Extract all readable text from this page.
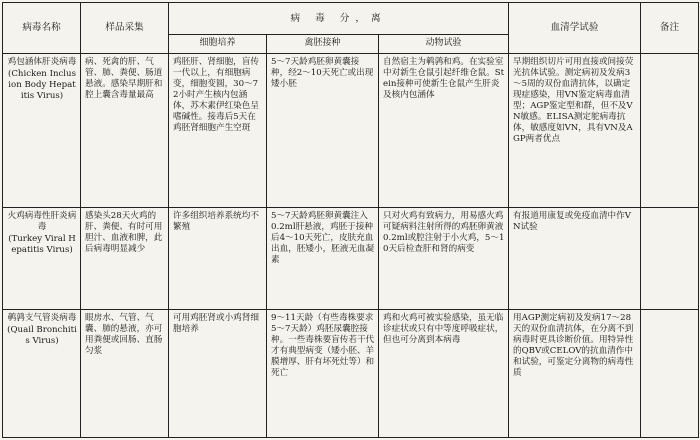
病毒名称	样品采集	病 毒 分，离			血清学试验	备注
		细胞培养	禽胚接种	动物试验		
鸡包涵体肝炎病毒
(Chicken Inclusion Body Hepatitis Virus)	病、死禽的肝、气管、肺、粪便、肠道悬液。感染早期肝和腔上囊含毒量最高	鸡胚肝、肾细胞，盲传一代以上，有细胞病变，细胞变圆，30～72小时产生核内包涵体，苏木素伊红染色呈嗜碱性。接毒后5天在鸡胚肾细胞产生空斑	5～7天龄鸡胚卵黄囊接种，经2～10天死亡或出现矮小胚	自然宿主为鹌鹑和鸡。在实验室中对新生仓鼠引起纤维仓鼠。Stein接种可使新生仓鼠产生肝炎及核内包涵体	早期组织切片可用直接或间接荧光抗体试验。测定病初及发病3～5周的双份血清抗体，以确定现症感染，用VN鉴定病毒血清型；AGP鉴定型和群，但不及VN敏感。ELISA测定鸵病毒抗体，敏感度如VN，具有VN及AGP两者优点	
火鸡病毒性肝炎病毒
(Turkey Viral Hepatitis Virus)	感染头28天火鸡的肝、粪便、有时可用胆汁、血液和脾，此后病毒明显减少	许多组织培养系统均不繁殖	5～7天龄鸡胚卵黄囊注入0.2ml肝悬液，鸡胚于接种后4～10天死亡，皮肤充血出血，胚矮小，胚液无血凝素	只对火鸡有致病力，用易感火鸡可疑病料注射所得的鸡胚卵黄液0.2ml或腔注射于小火鸡，5～10天后检查肝和肾的病变	有报道用康复或免疫血清中作VN试验	
鹌鹑支气管炎病毒
(Quail Bronchitis Virus)	眼房水、气管、气囊、肺的悬液，亦可用粪便或回肠、直肠匀浆	可用鸡胚肾或小鸡肾细胞培养	9～11天龄（有些毒株要求5～7天龄）鸡胚尿囊腔接种。一些毒株要盲传若干代才有典型病变（矮小胚、羊膜增厚、肝有坏死灶等）和死亡	鸡和火鸡可被实验感染，虽无临诊症状或只有中等度呼吸症状，但也可分离到本病毒	用AGP测定病初及发病17～28天的双份血清抗体，在分离不到病毒时更具诊断价值。用特异性的QBV或CELOV的抗血清作中和试验，可鉴定分离物的病毒性质	
